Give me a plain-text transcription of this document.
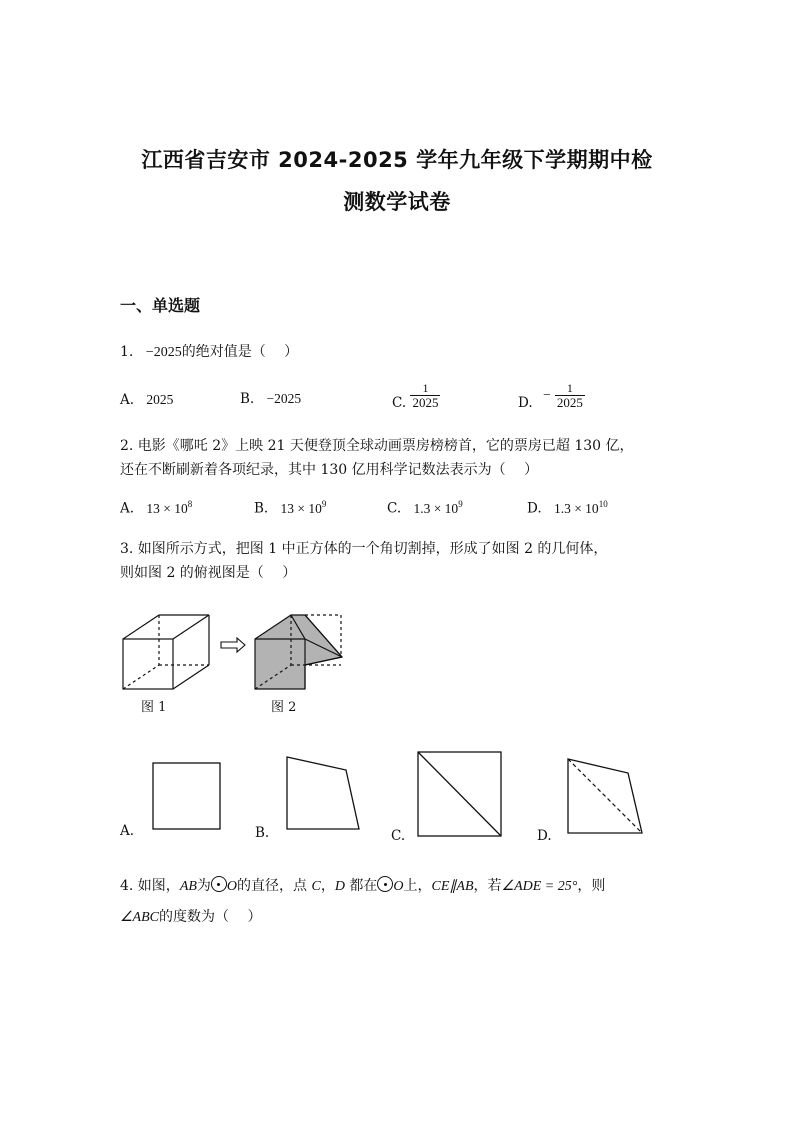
江西省吉安市 2024-2025 学年九年级下学期期中检
测数学试卷
一、单选题
1. −2025的绝对值是（　 ）
A. 2025	B. −2025	C. $\frac{1}{2025}$	D. − $\frac{1}{2025}$
2. 电影《哪吒 2》上映 21 天便登顶全球动画票房榜榜首，它的票房已超 130 亿，
还在不断刷新着各项纪录，其中 130 亿用科学记数法表示为（　 ）
A. $13 \times 10^8$	B. $13 \times 10^9$	C. $1.3 \times 10^9$	D. $1.3 \times 10^{10}$
3. 如图所示方式，把图 1 中正方体的一个角切割掉，形成了如图 2 的几何体，
则如图 2 的俯视图是（　 ）
图 1	图 2
A.	B.	C.	D.
4. 如图，AB为 O的直径，点 C，D 都在 O上，CE∥AB，若∠ADE = 25°，则
∠ABC的度数为（　 ）
